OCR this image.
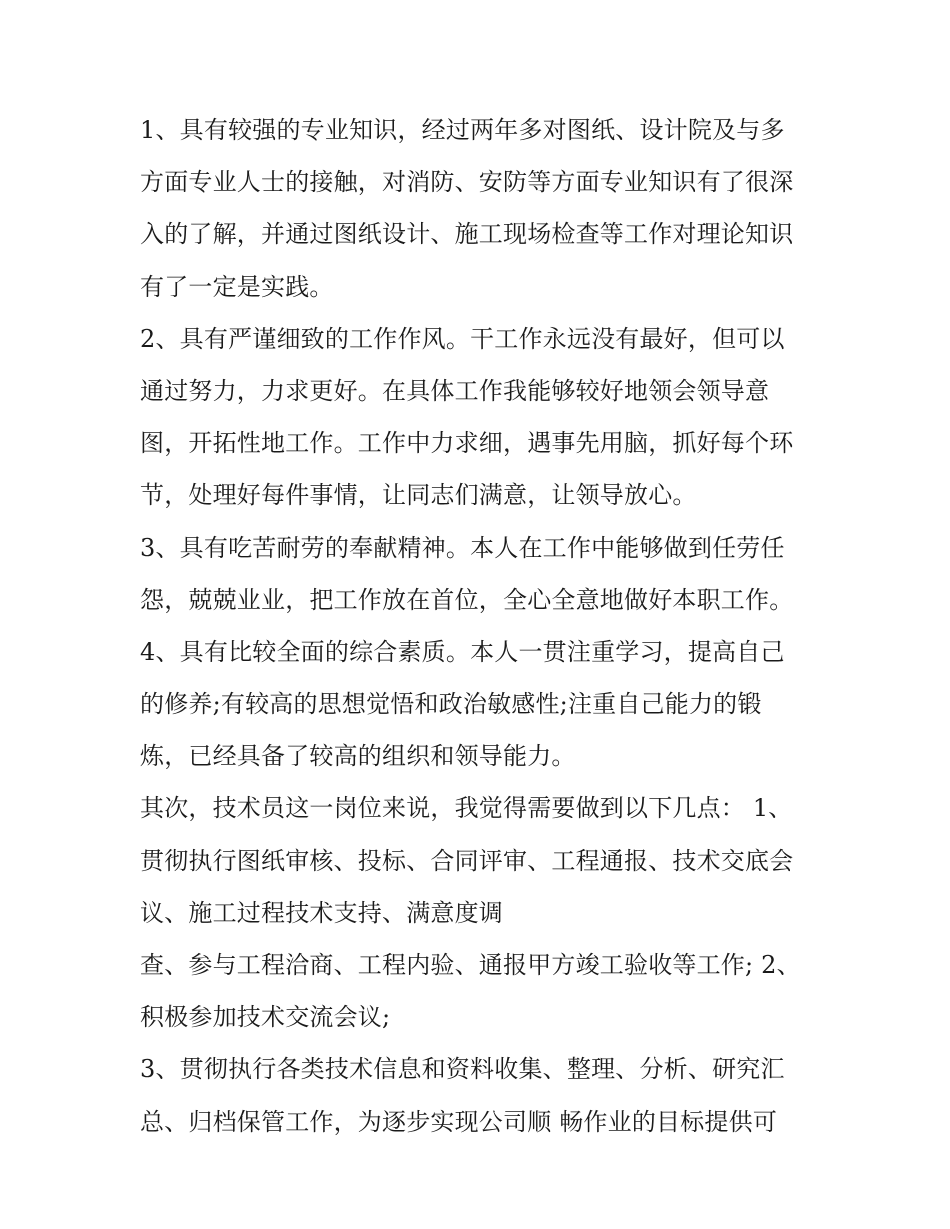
1、具有较强的专业知识，经过两年多对图纸、设计院及与多
方面专业人士的接触，对消防、安防等方面专业知识有了很深
入的了解，并通过图纸设计、施工现场检查等工作对理论知识
有了一定是实践。
2、具有严谨细致的工作作风。干工作永远没有最好，但可以
通过努力，力求更好。在具体工作我能够较好地领会领导意
图，开拓性地工作。工作中力求细，遇事先用脑，抓好每个环
节，处理好每件事情，让同志们满意，让领导放心。
3、具有吃苦耐劳的奉献精神。本人在工作中能够做到任劳任
怨，兢兢业业，把工作放在首位，全心全意地做好本职工作。
4、具有比较全面的综合素质。本人一贯注重学习，提高自己
的修养;有较高的思想觉悟和政治敏感性;注重自己能力的锻
炼，已经具备了较高的组织和领导能力。
其次，技术员这一岗位来说，我觉得需要做到以下几点： 1、
贯彻执行图纸审核、投标、合同评审、工程通报、技术交底会
议、施工过程技术支持、满意度调
查、参与工程洽商、工程内验、通报甲方竣工验收等工作; 2、
积极参加技术交流会议;
3、贯彻执行各类技术信息和资料收集、整理、分析、研究汇
总、归档保管工作，为逐步实现公司顺 畅作业的目标提供可
